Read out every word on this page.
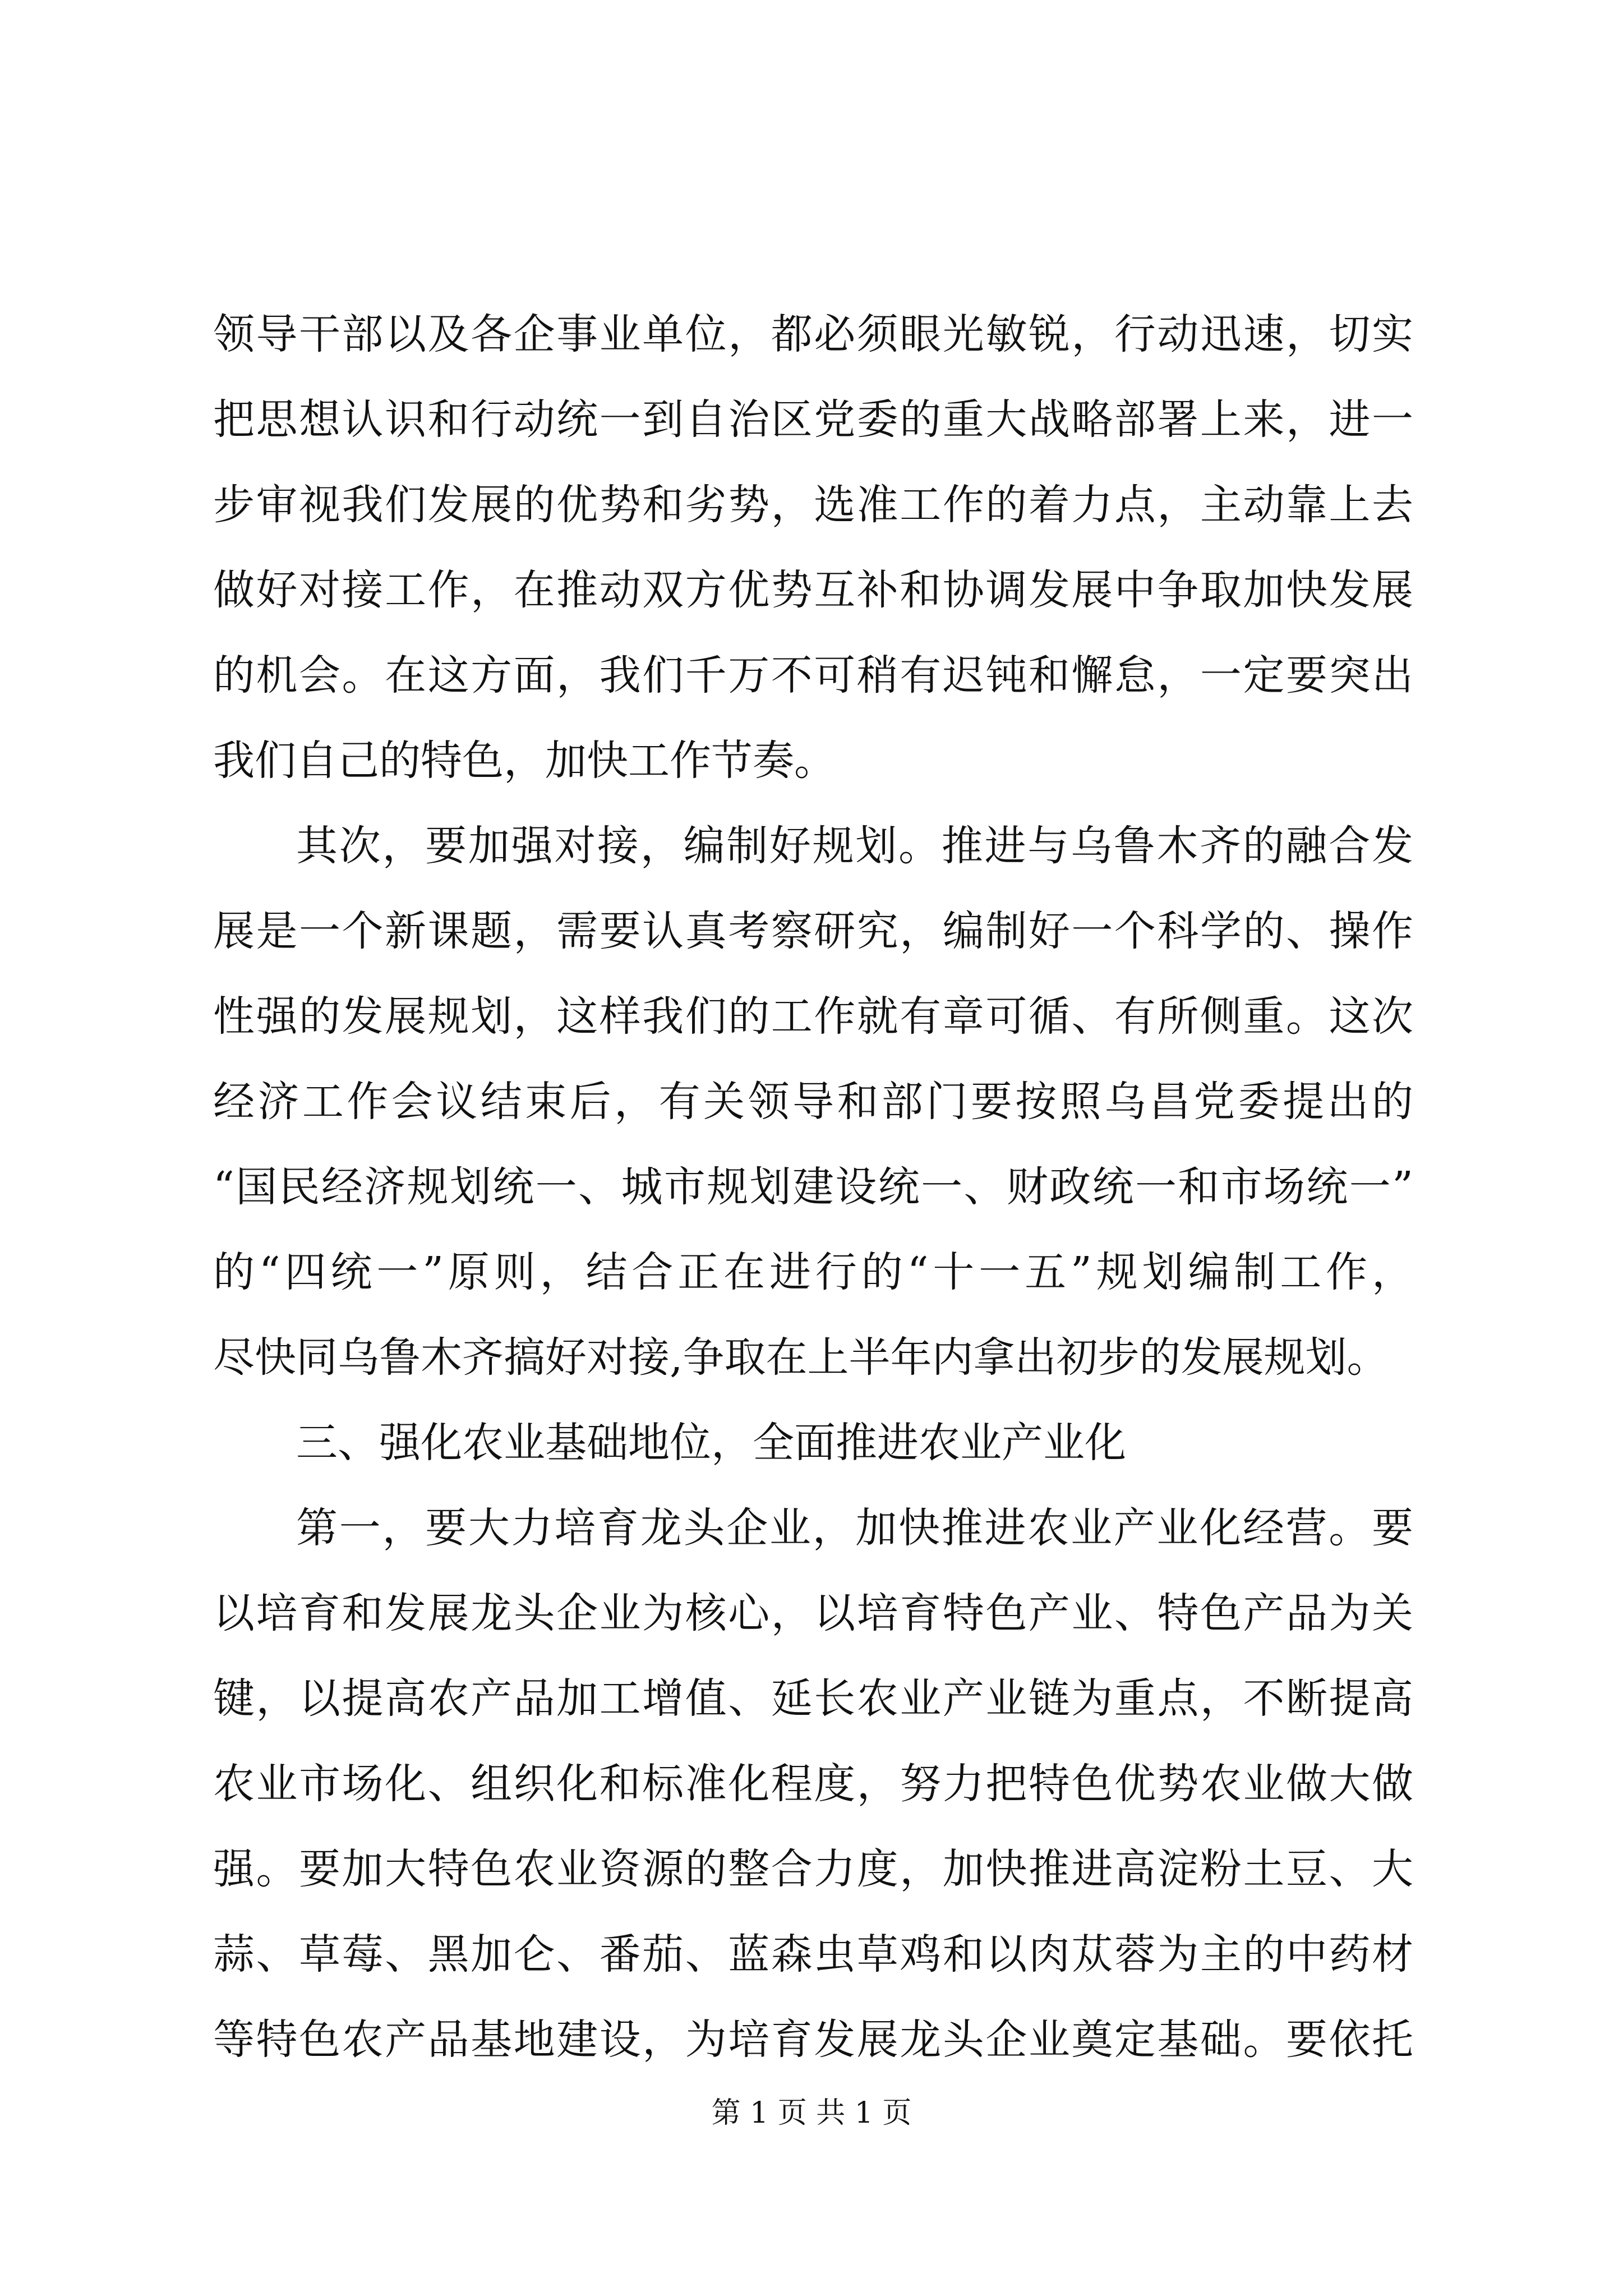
领导干部以及各企事业单位，都必须眼光敏锐，行动迅速，切实
把思想认识和行动统一到自治区党委的重大战略部署上来，进一
步审视我们发展的优势和劣势，选准工作的着力点，主动靠上去
做好对接工作，在推动双方优势互补和协调发展中争取加快发展
的机会。在这方面，我们千万不可稍有迟钝和懈怠，一定要突出
我们自己的特色，加快工作节奏。
其次，要加强对接，编制好规划。推进与乌鲁木齐的融合发
展是一个新课题，需要认真考察研究，编制好一个科学的、操作
性强的发展规划，这样我们的工作就有章可循、有所侧重。这次
经济工作会议结束后，有关领导和部门要按照乌昌党委提出的
“国民经济规划统一、城市规划建设统一、财政统一和市场统一”
的“四统一”原则，结合正在进行的“十一五”规划编制工作，
尽快同乌鲁木齐搞好对接,争取在上半年内拿出初步的发展规划。
三、强化农业基础地位，全面推进农业产业化
第一，要大力培育龙头企业，加快推进农业产业化经营。要
以培育和发展龙头企业为核心，以培育特色产业、特色产品为关
键，以提高农产品加工增值、延长农业产业链为重点，不断提高
农业市场化、组织化和标准化程度，努力把特色优势农业做大做
强。要加大特色农业资源的整合力度，加快推进高淀粉土豆、大
蒜、草莓、黑加仑、番茄、蓝森虫草鸡和以肉苁蓉为主的中药材
等特色农产品基地建设，为培育发展龙头企业奠定基础。要依托
第 1 页 共 1 页
